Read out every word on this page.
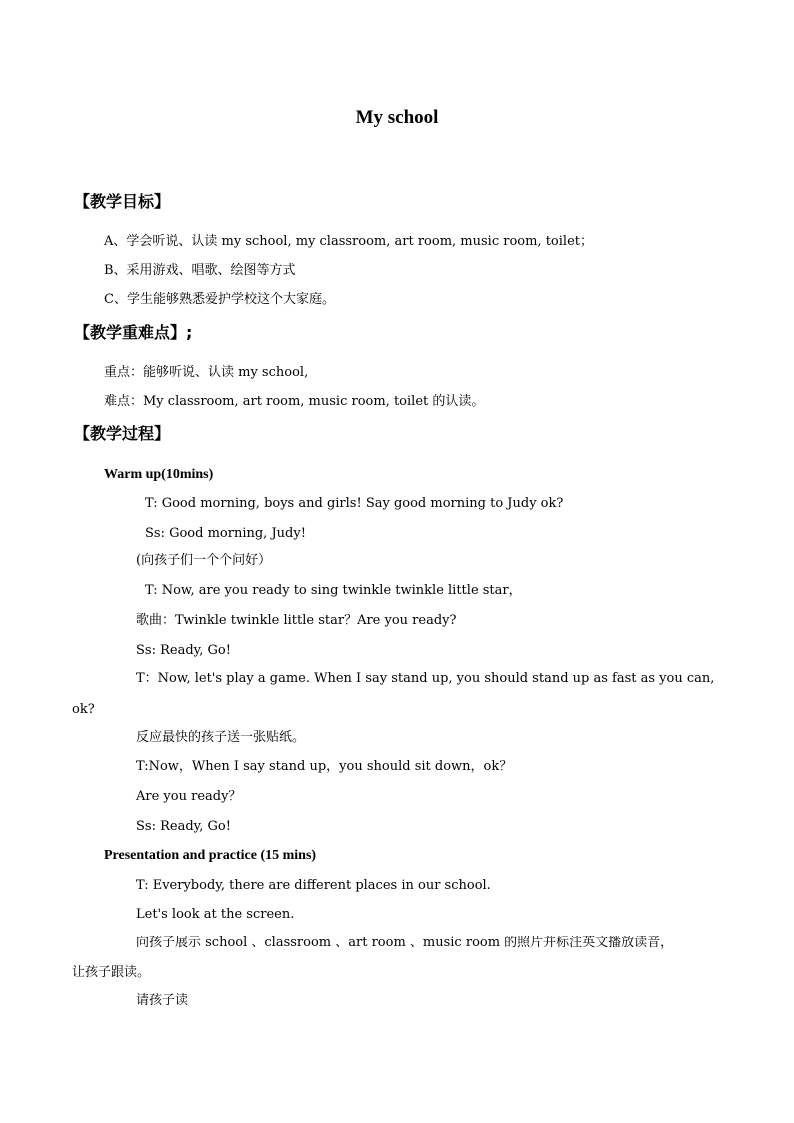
My school
【教学目标】
A、学会听说、认读 my school, my classroom, art room, music room, toilet；
B、采用游戏、唱歌、绘图等方式
C、学生能够熟悉爱护学校这个大家庭。
【教学重难点】;
重点：能够听说、认读 my school,
难点：My classroom, art room, music room, toilet 的认读。
【教学过程】
Warm up(10mins)
T: Good morning, boys and girls! Say good morning to Judy ok?
Ss: Good morning, Judy!
(向孩子们一个个问好）
T: Now, are you ready to sing twinkle twinkle little star，
歌曲：Twinkle twinkle little star？Are you ready?
Ss: Ready, Go!
T：Now, let's play a game. When I say stand up, you should stand up as fast as you can,
ok?
反应最快的孩子送一张贴纸。
T:Now，When I say stand up，you should sit down，ok？
Are you ready？
Ss: Ready, Go!
Presentation and practice (15 mins)
T: Everybody, there are different places in our school.
Let's look at the screen.
向孩子展示 school 、classroom 、art room 、music room 的照片并标注英文播放读音，
让孩子跟读。
请孩子读
